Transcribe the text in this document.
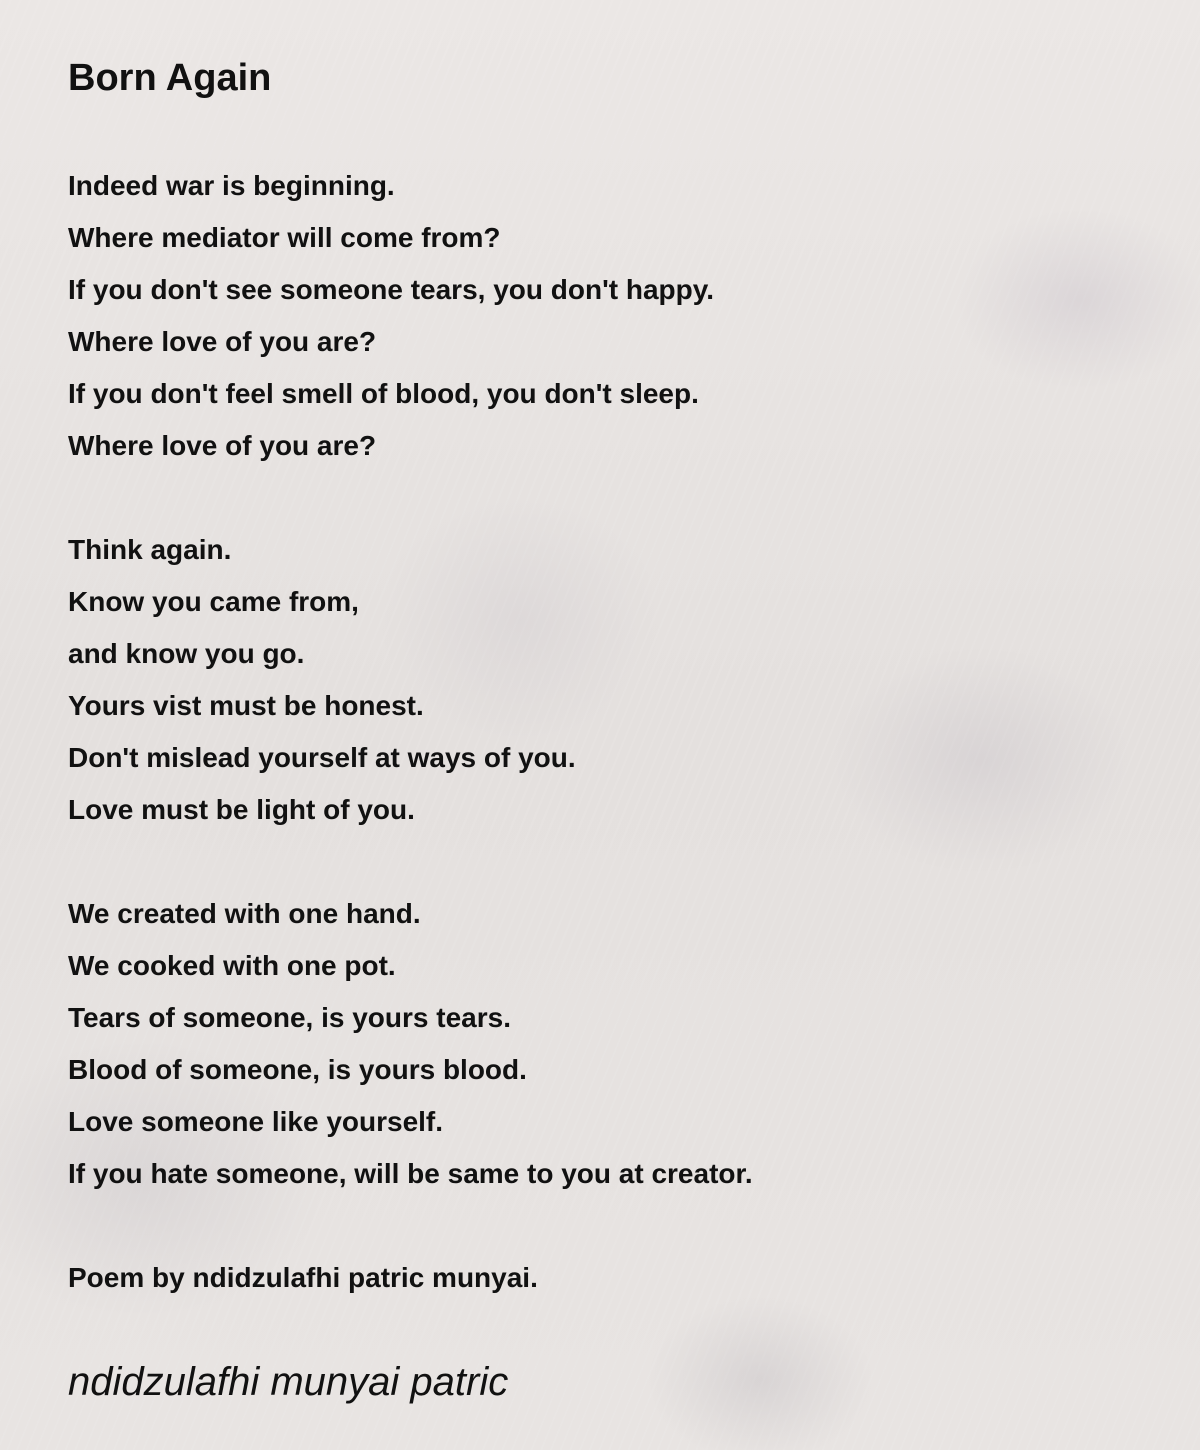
Born Again
Indeed war is beginning.
Where mediator will come from?
If you don't see someone tears, you don't happy.
Where love of you are?
If you don't feel smell of blood, you don't sleep.
Where love of you are?
Think again.
Know you came from,
and know you go.
Yours vist must be honest.
Don't mislead yourself at ways of you.
Love must be light of you.
We created with one hand.
We cooked with one pot.
Tears of someone, is yours tears.
Blood of someone, is yours blood.
Love someone like yourself.
If you hate someone, will be same to you at creator.
Poem by ndidzulafhi patric munyai.
ndidzulafhi munyai patric
